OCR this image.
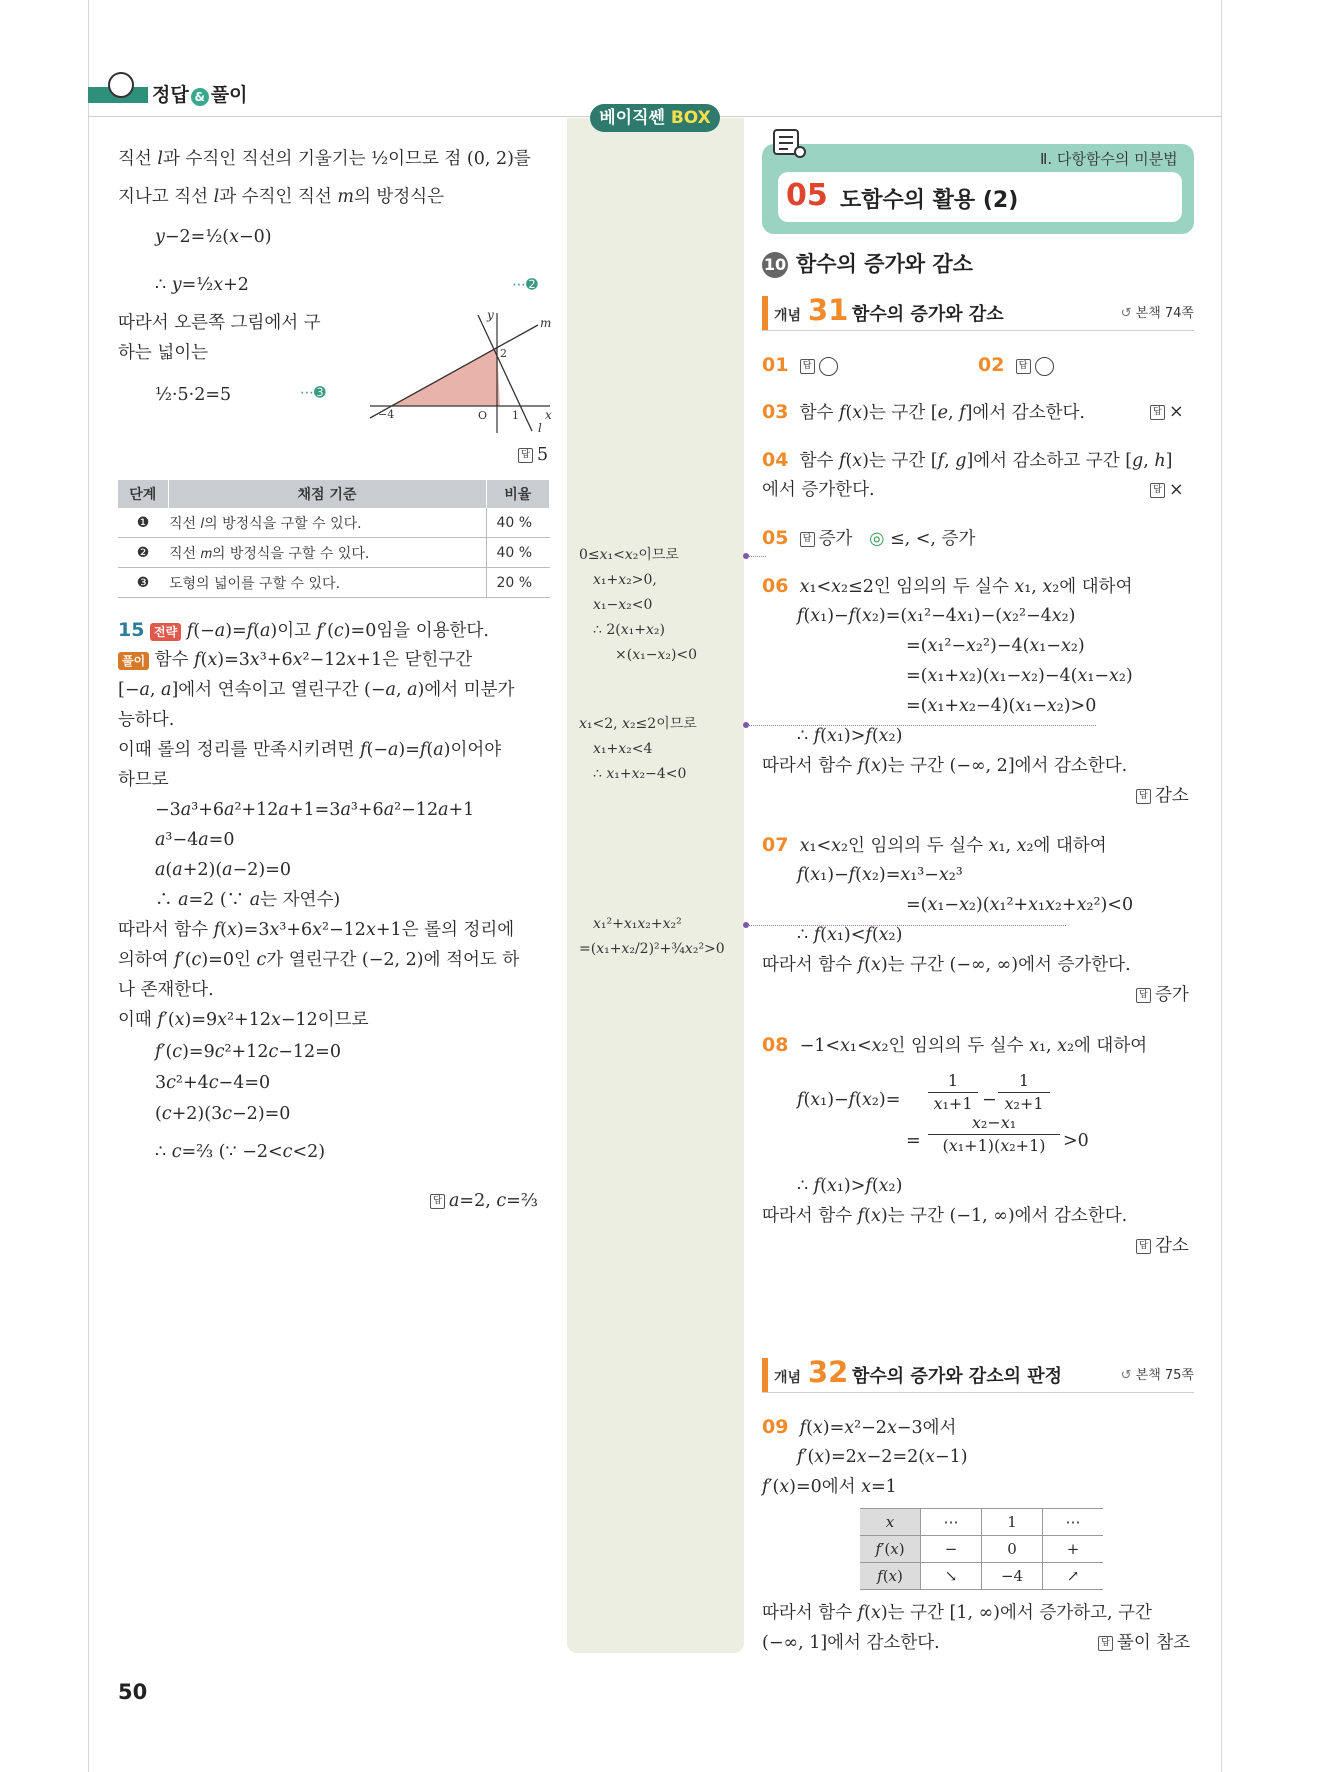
정답 & 풀이
베이직쎈 BOX
직선 𝑙과 수직인 직선의 기울기는 ½이므로 점 (0, 2)를
지나고 직선 𝑙과 수직인 직선 𝑚의 방정식은
𝑦−2=½(𝑥−0)
∴ 𝑦=½𝑥+2	⋯➋
따라서 오른쪽 그림에서 구
하는 넓이는
½·5·2=5	⋯➌
𝑦
𝑥
𝑚
𝑙
2
−4	O 1
답 5
단계	채점 기준	비율
❶	직선 𝑙의 방정식을 구할 수 있다.	40 %
❷	직선 𝑚의 방정식을 구할 수 있다.	40 %
❸	도형의 넓이를 구할 수 있다.	20 %
15 전략 𝑓(−𝑎)=𝑓(𝑎)이고 𝑓′(𝑐)=0임을 이용한다.
풀이 함수 𝑓(𝑥)=3𝑥³+6𝑥²−12𝑥+1은 닫힌구간
[−𝑎, 𝑎]에서 연속이고 열린구간 (−𝑎, 𝑎)에서 미분가
능하다.
이때 롤의 정리를 만족시키려면 𝑓(−𝑎)=𝑓(𝑎)이어야
하므로
−3𝑎³+6𝑎²+12𝑎+1=3𝑎³+6𝑎²−12𝑎+1
𝑎³−4𝑎=0
𝑎(𝑎+2)(𝑎−2)=0
∴ 𝑎=2 (∵ 𝑎는 자연수)
따라서 함수 𝑓(𝑥)=3𝑥³+6𝑥²−12𝑥+1은 롤의 정리에
의하여 𝑓′(𝑐)=0인 𝑐가 열린구간 (−2, 2)에 적어도 하
나 존재한다.
이때 𝑓′(𝑥)=9𝑥²+12𝑥−12이므로
𝑓′(𝑐)=9𝑐²+12𝑐−12=0
3𝑐²+4𝑐−4=0
(𝑐+2)(3𝑐−2)=0
∴ 𝑐=⅔ (∵ −2<𝑐<2)
답 𝑎=2, 𝑐=⅔
0≤𝑥₁<𝑥₂이므로
𝑥₁+𝑥₂>0,
𝑥₁−𝑥₂<0
∴ 2(𝑥₁+𝑥₂)
×(𝑥₁−𝑥₂)<0
𝑥₁<2, 𝑥₂≤2이므로
𝑥₁+𝑥₂<4
∴ 𝑥₁+𝑥₂−4<0
𝑥₁²+𝑥₁𝑥₂+𝑥₂²
=(𝑥₁+𝑥₂/2)²+¾𝑥₂²>0
Ⅱ. 다항함수의 미분법
05 도함수의 활용 (2)
10 함수의 증가와 감소
개념 31 함수의 증가와 감소	↺ 본책 74쪽
01 답	02 답
03 함수 𝑓(𝑥)는 구간 [𝑒, 𝑓]에서 감소한다.	답 ×
04 함수 𝑓(𝑥)는 구간 [𝑓, 𝑔]에서 감소하고 구간 [𝑔, ℎ]
에서 증가한다.	답 ×
05 답 증가 ◎ ≤, <, 증가
06 𝑥₁<𝑥₂≤2인 임의의 두 실수 𝑥₁, 𝑥₂에 대하여
𝑓(𝑥₁)−𝑓(𝑥₂)=(𝑥₁²−4𝑥₁)−(𝑥₂²−4𝑥₂)
=(𝑥₁²−𝑥₂²)−4(𝑥₁−𝑥₂)
=(𝑥₁+𝑥₂)(𝑥₁−𝑥₂)−4(𝑥₁−𝑥₂)
=(𝑥₁+𝑥₂−4)(𝑥₁−𝑥₂)>0
∴ 𝑓(𝑥₁)>𝑓(𝑥₂)
따라서 함수 𝑓(𝑥)는 구간 (−∞, 2]에서 감소한다.
답 감소
07 𝑥₁<𝑥₂인 임의의 두 실수 𝑥₁, 𝑥₂에 대하여
𝑓(𝑥₁)−𝑓(𝑥₂)=𝑥₁³−𝑥₂³
=(𝑥₁−𝑥₂)(𝑥₁²+𝑥₁𝑥₂+𝑥₂²)<0
∴ 𝑓(𝑥₁)<𝑓(𝑥₂)
따라서 함수 𝑓(𝑥)는 구간 (−∞, ∞)에서 증가한다.
답 증가
08 −1<𝑥₁<𝑥₂인 임의의 두 실수 𝑥₁, 𝑥₂에 대하여
𝑓(𝑥₁)−𝑓(𝑥₂)=
1
𝑥₁+1 −
1
𝑥₂+1
=
𝑥₂−𝑥₁
(𝑥₁+1)(𝑥₂+1)	>0
∴ 𝑓(𝑥₁)>𝑓(𝑥₂)
따라서 함수 𝑓(𝑥)는 구간 (−1, ∞)에서 감소한다.
답 감소
개념 32 함수의 증가와 감소의 판정	↺ 본책 75쪽
09 𝑓(𝑥)=𝑥²−2𝑥−3에서
𝑓′(𝑥)=2𝑥−2=2(𝑥−1)
𝑓′(𝑥)=0에서 𝑥=1
𝑥	⋯	1	⋯
𝑓′(𝑥)	−	0	+
𝑓(𝑥)	↘	−4	↗
따라서 함수 𝑓(𝑥)는 구간 [1, ∞)에서 증가하고, 구간
(−∞, 1]에서 감소한다.	답 풀이 참조
50
